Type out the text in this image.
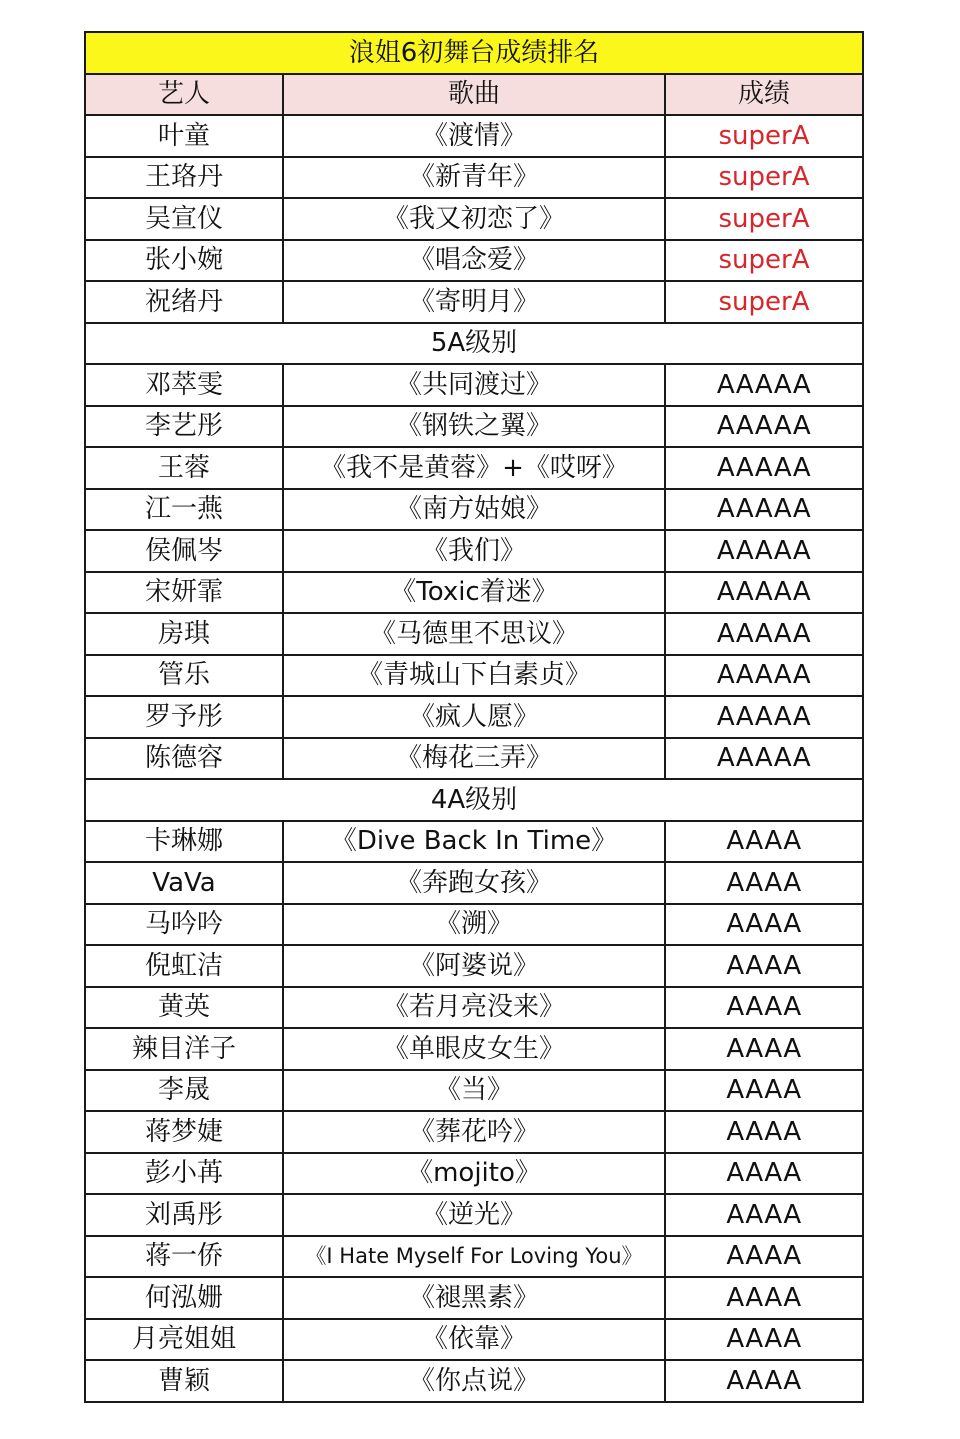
浪姐6初舞台成绩排名		
艺人	歌曲	成绩
叶童	《渡情》	superA
王珞丹	《新青年》	superA
吴宣仪	《我又初恋了》	superA
张小婉	《唱念爱》	superA
祝绪丹	《寄明月》	superA
5A级别		
邓萃雯	《共同渡过》	AAAAA
李艺彤	《钢铁之翼》	AAAAA
王蓉	《我不是黄蓉》+《哎呀》	AAAAA
江一燕	《南方姑娘》	AAAAA
侯佩岑	《我们》	AAAAA
宋妍霏	《Toxic着迷》	AAAAA
房琪	《马德里不思议》	AAAAA
管乐	《青城山下白素贞》	AAAAA
罗予彤	《疯人愿》	AAAAA
陈德容	《梅花三弄》	AAAAA
4A级别		
卡琳娜	《Dive Back In Time》	AAAA
VaVa	《奔跑女孩》	AAAA
马吟吟	《溯》	AAAA
倪虹洁	《阿婆说》	AAAA
黄英	《若月亮没来》	AAAA
辣目洋子	《单眼皮女生》	AAAA
李晟	《当》	AAAA
蒋梦婕	《葬花吟》	AAAA
彭小苒	《mojito》	AAAA
刘禹彤	《逆光》	AAAA
蒋一侨	《I Hate Myself For Loving You》	AAAA
何泓姗	《褪黑素》	AAAA
月亮姐姐	《依靠》	AAAA
曹颖	《你点说》	AAAA
